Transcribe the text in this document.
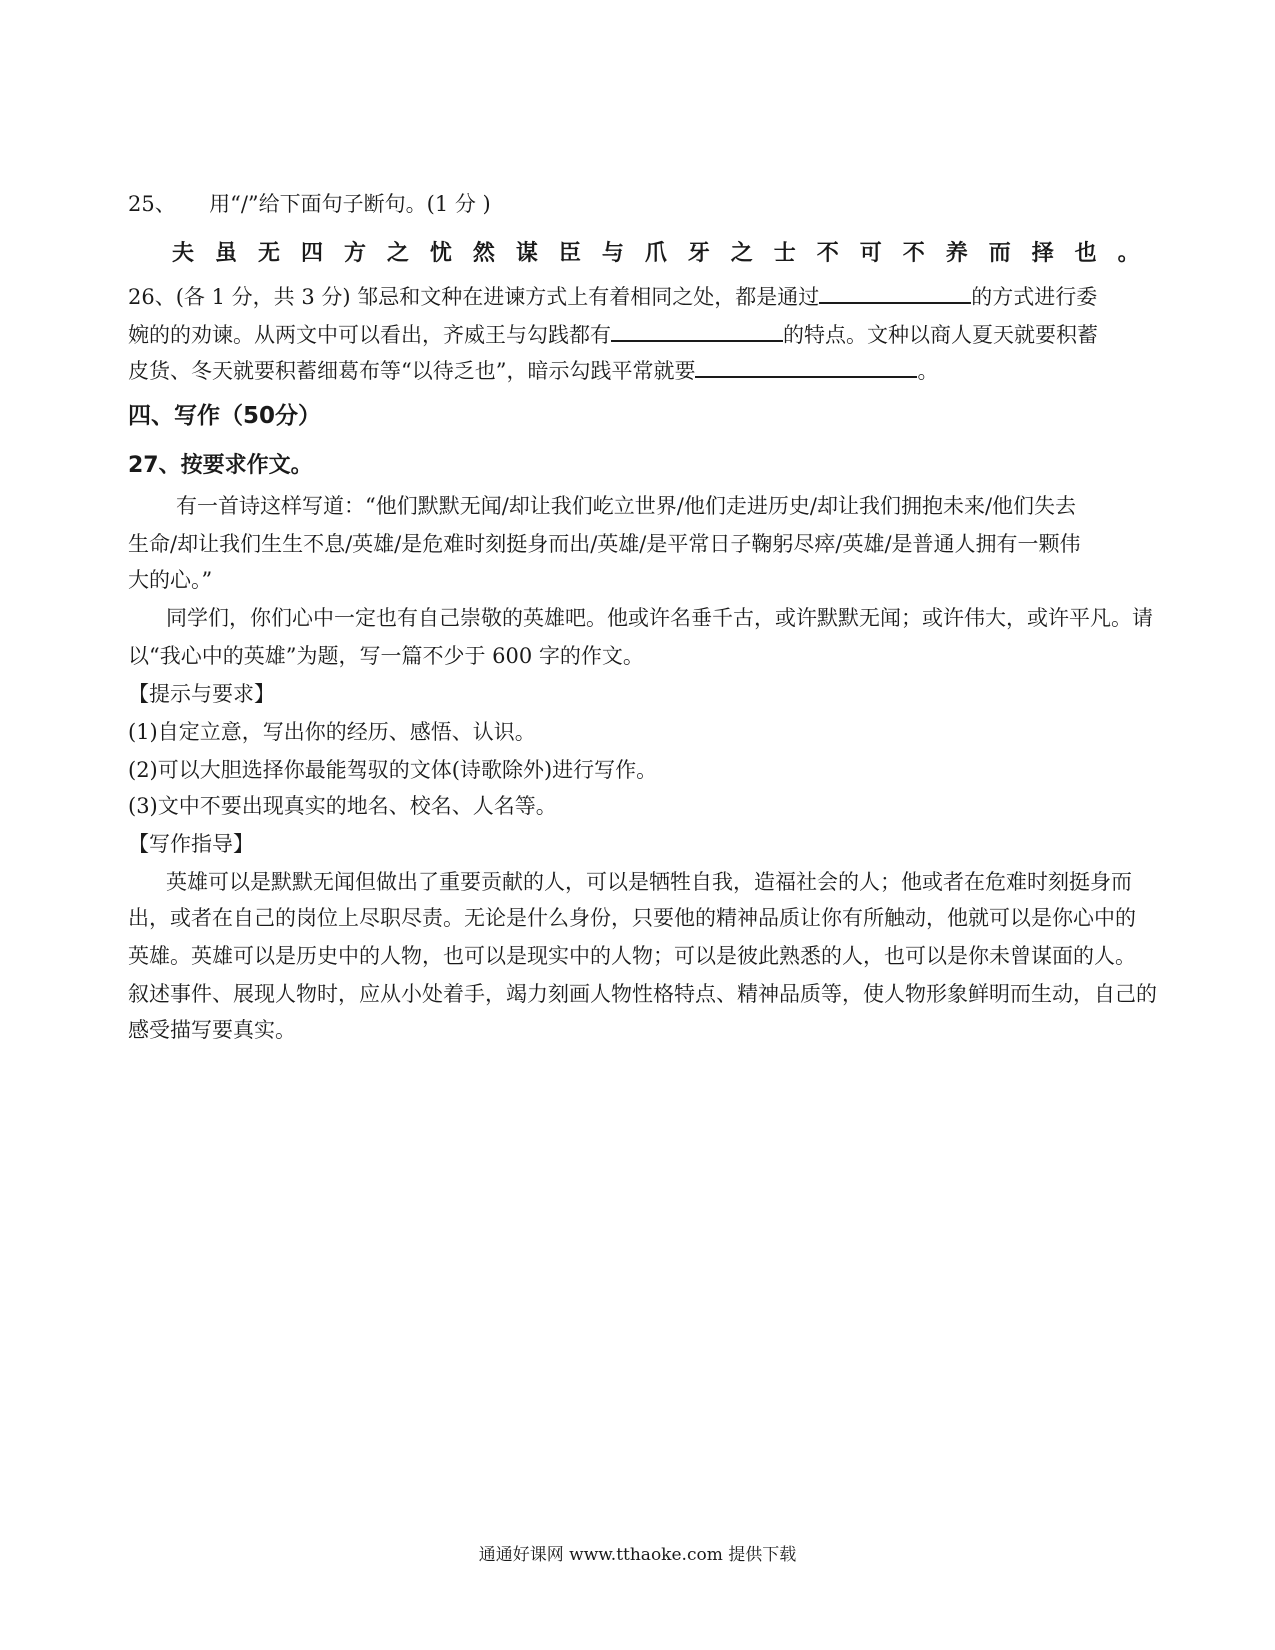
25、 用“/”给下面句子断句。(1 分 )
夫 虽 无 四 方 之 忧 然 谋 臣 与 爪 牙 之 士 不 可 不 养 而 择 也 。
26、(各 1 分，共 3 分) 邹忌和文种在进谏方式上有着相同之处，都是通过	的方式进行委
婉的的劝谏。从两文中可以看出，齐威王与勾践都有	的特点。文种以商人夏天就要积蓄
皮货、冬天就要积蓄细葛布等“以待乏也”，暗示勾践平常就要	。
四、写作（50分）
27、按要求作文。
有一首诗这样写道：“他们默默无闻/却让我们屹立世界/他们走进历史/却让我们拥抱未来/他们失去
生命/却让我们生生不息/英雄/是危难时刻挺身而出/英雄/是平常日子鞠躬尽瘁/英雄/是普通人拥有一颗伟
大的心。”
同学们，你们心中一定也有自己崇敬的英雄吧。他或许名垂千古，或许默默无闻；或许伟大，或许平凡。请
以“我心中的英雄”为题，写一篇不少于 600 字的作文。
【提示与要求】
(1)自定立意，写出你的经历、感悟、认识。
(2)可以大胆选择你最能驾驭的文体(诗歌除外)进行写作。
(3)文中不要出现真实的地名、校名、人名等。
【写作指导】
英雄可以是默默无闻但做出了重要贡献的人，可以是牺牲自我，造福社会的人；他或者在危难时刻挺身而
出，或者在自己的岗位上尽职尽责。无论是什么身份，只要他的精神品质让你有所触动，他就可以是你心中的
英雄。英雄可以是历史中的人物，也可以是现实中的人物；可以是彼此熟悉的人，也可以是你未曾谋面的人。
叙述事件、展现人物时，应从小处着手，竭力刻画人物性格特点、精神品质等，使人物形象鲜明而生动，自己的
感受描写要真实。
通通好课网 www.tthaoke.com 提供下载
